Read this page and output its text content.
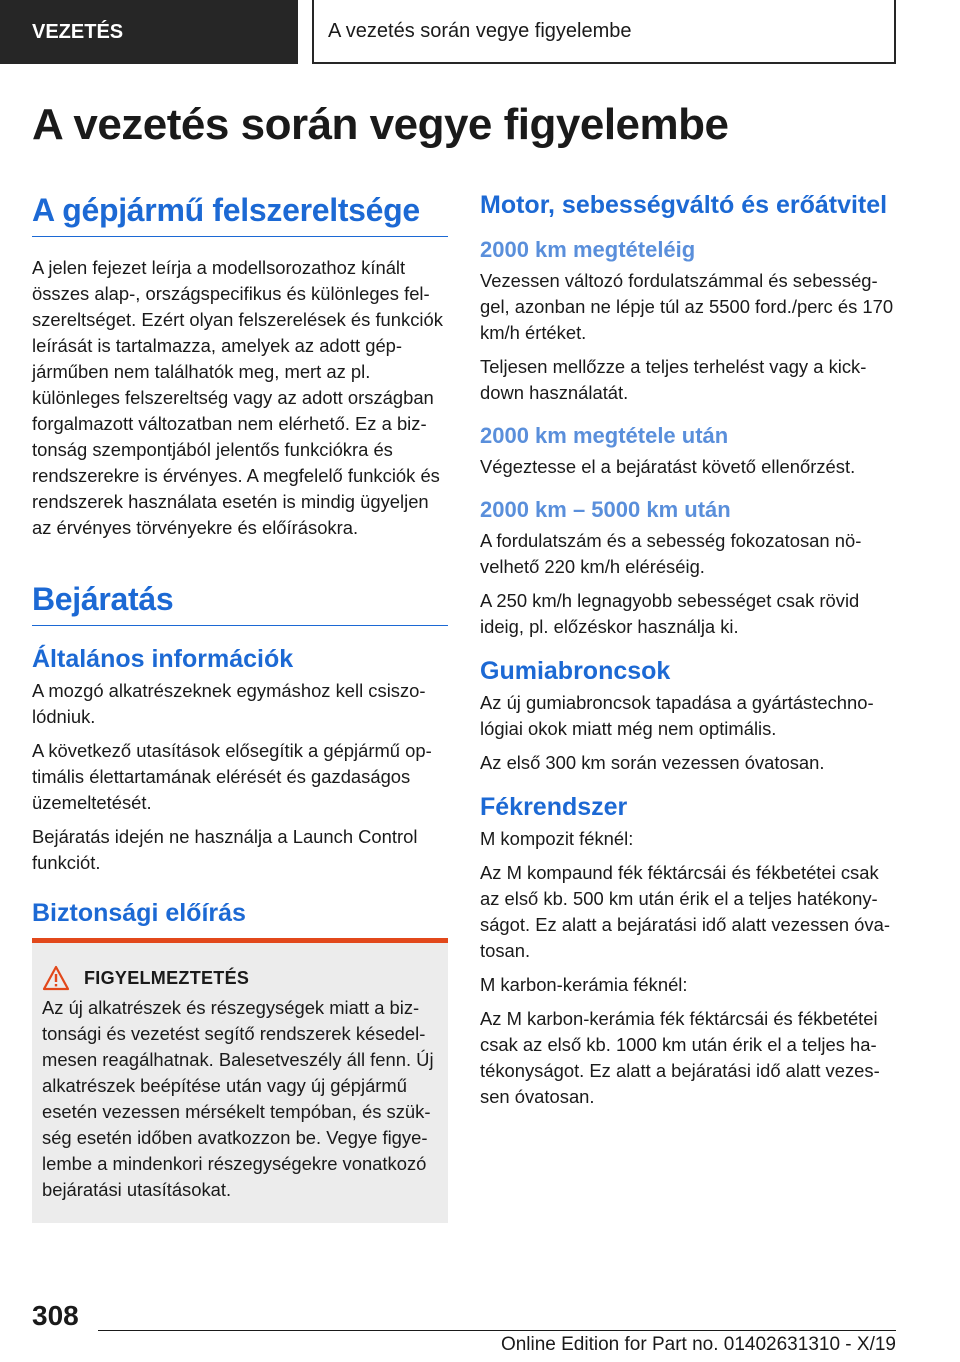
VEZETÉS	A vezetés során vegye figyelembe
A vezetés során vegye figyelembe
A gépjármű felszereltsége
A jelen fejezet leírja a modellsorozathoz kínált összes alap-, országspecifikus és különleges felszereltséget. Ezért olyan felszerelések és funkciók leírását is tartalmazza, amelyek az adott gépjárműben nem találhatók meg, mert az pl. különleges felszereltség vagy az adott országban forgalmazott változatban nem elérhető. Ez a biztonság szempontjából jelentős funkciókra és rendszerekre is érvényes. A megfelelő funkciók és rendszerek használata esetén is mindig ügyeljen az érvényes törvényekre és előírásokra.
Bejáratás
Általános információk
A mozgó alkatrészeknek egymáshoz kell csiszolódniuk.
A következő utasítások elősegítik a gépjármű optimális élettartamának elérését és gazdaságos üzemeltetését.
Bejáratás idején ne használja a Launch Control funkciót.
Biztonsági előírás
FIGYELMEZTETÉS
Az új alkatrészek és részegységek miatt a biztonsági és vezetést segítő rendszerek késedelmesen reagálhatnak. Balesetveszély áll fenn. Új alkatrészek beépítése után vagy új gépjármű esetén vezessen mérsékelt tempóban, és szükség esetén időben avatkozzon be. Vegye figyelembe a mindenkori részegységekre vonatkozó bejáratási utasításokat.
Motor, sebességváltó és erőátvitel
2000 km megtételéig
Vezessen változó fordulatszámmal és sebességgel, azonban ne lépje túl az 5500 ford./perc és 170 km/h értéket.
Teljesen mellőzze a teljes terhelést vagy a kickdown használatát.
2000 km megtétele után
Végeztesse el a bejáratást követő ellenőrzést.
2000 km – 5000 km után
A fordulatszám és a sebesség fokozatosan növelhető 220 km/h eléréséig.
A 250 km/h legnagyobb sebességet csak rövid ideig, pl. előzéskor használja ki.
Gumiabroncsok
Az új gumiabroncsok tapadása a gyártástechnológiai okok miatt még nem optimális.
Az első 300 km során vezessen óvatosan.
Fékrendszer
M kompozit féknél:
Az M kompaund fék féktárcsái és fékbetétei csak az első kb. 500 km után érik el a teljes hatékonyságot. Ez alatt a bejáratási idő alatt vezessen óvatosan.
M karbon-kerámia féknél:
Az M karbon-kerámia fék féktárcsái és fékbetétei csak az első kb. 1000 km után érik el a teljes hatékonyságot. Ez alatt a bejáratási idő alatt vezessen óvatosan.
308
Online Edition for Part no. 01402631310 - X/19
